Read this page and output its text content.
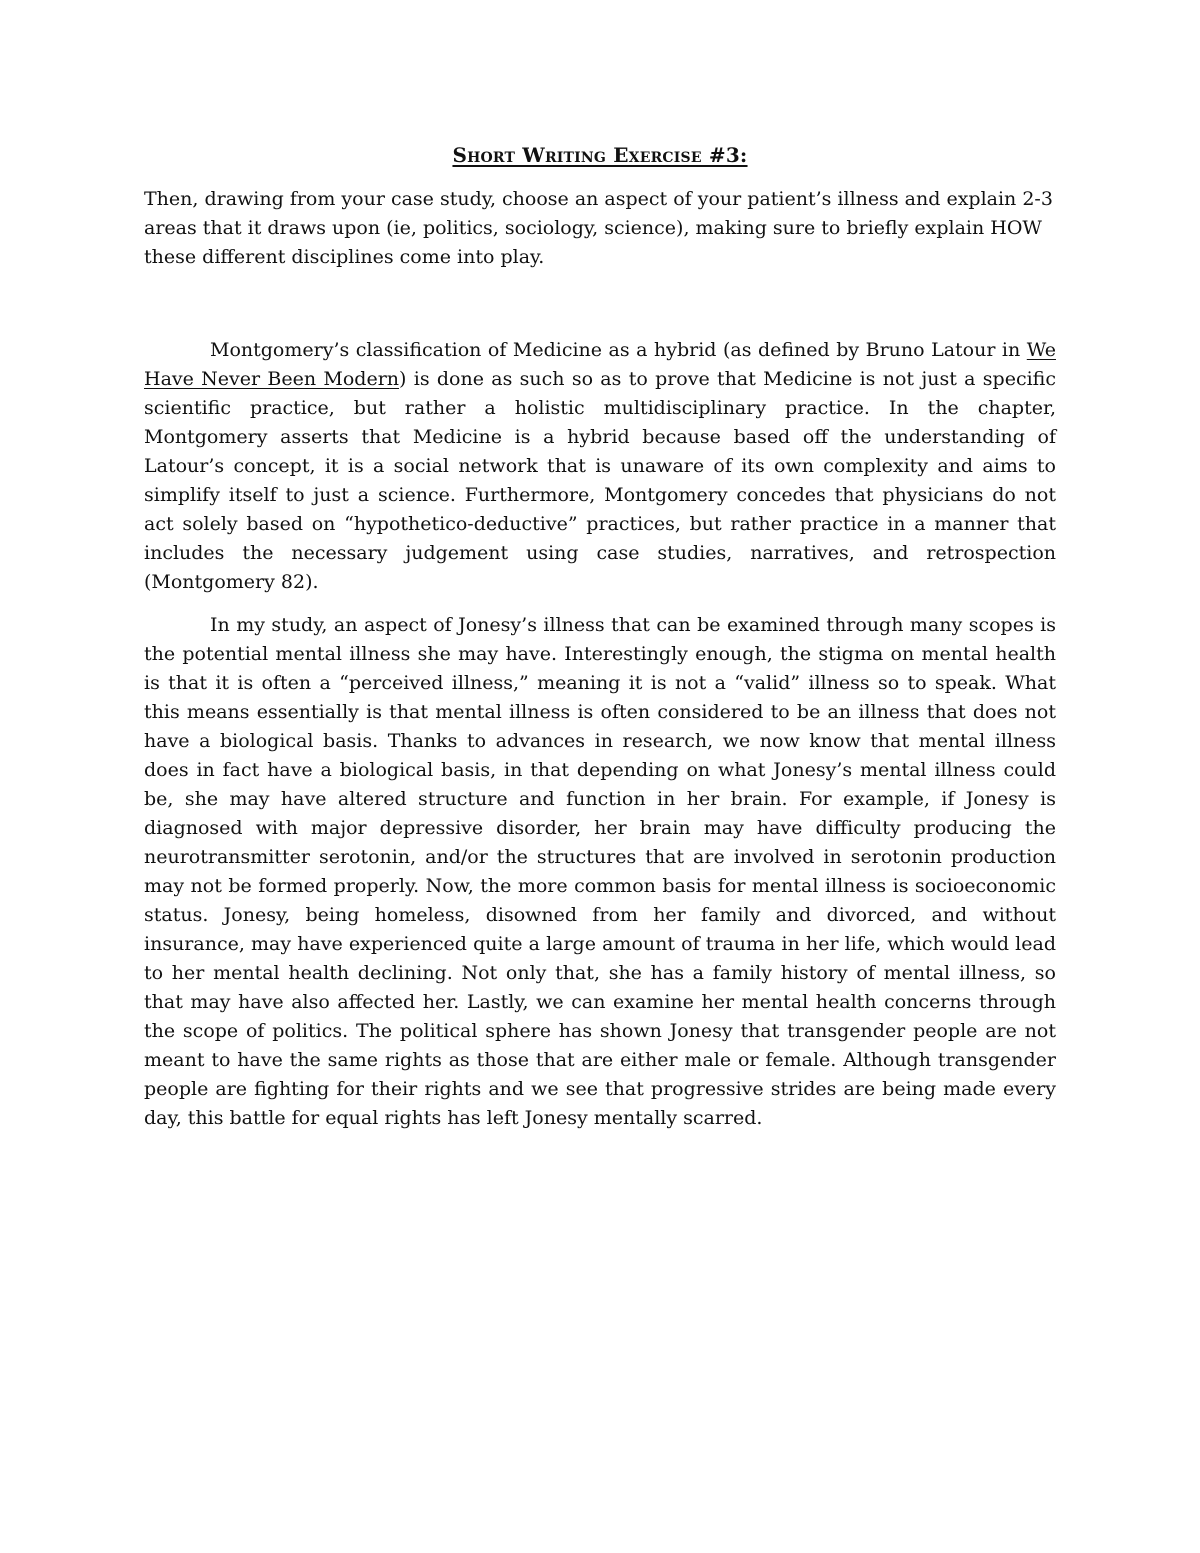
Short Writing Exercise #3:

Then, drawing from your case study, choose an aspect of your patient’s illness and explain 2-3 areas that it draws upon (ie, politics, sociology, science), making sure to briefly explain HOW these different disciplines come into play.

Montgomery’s classification of Medicine as a hybrid (as defined by Bruno Latour in We Have Never Been Modern) is done as such so as to prove that Medicine is not just a specific scientific practice, but rather a holistic multidisciplinary practice. In the chapter, Montgomery asserts that Medicine is a hybrid because based off the understanding of Latour’s concept, it is a social network that is unaware of its own complexity and aims to simplify itself to just a science. Furthermore, Montgomery concedes that physicians do not act solely based on “hypothetico-deductive” practices, but rather practice in a manner that includes the necessary judgement using case studies, narratives, and retrospection (Montgomery 82).

In my study, an aspect of Jonesy’s illness that can be examined through many scopes is the potential mental illness she may have. Interestingly enough, the stigma on mental health is that it is often a “perceived illness,” meaning it is not a “valid” illness so to speak. What this means essentially is that mental illness is often considered to be an illness that does not have a biological basis. Thanks to advances in research, we now know that mental illness does in fact have a biological basis, in that depending on what Jonesy’s mental illness could be, she may have altered structure and function in her brain. For example, if Jonesy is diagnosed with major depressive disorder, her brain may have difficulty producing the neurotransmitter serotonin, and/or the structures that are involved in serotonin production may not be formed properly. Now, the more common basis for mental illness is socioeconomic status. Jonesy, being homeless, disowned from her family and divorced, and without insurance, may have experienced quite a large amount of trauma in her life, which would lead to her mental health declining. Not only that, she has a family history of mental illness, so that may have also affected her. Lastly, we can examine her mental health concerns through the scope of politics. The political sphere has shown Jonesy that transgender people are not meant to have the same rights as those that are either male or female. Although transgender people are fighting for their rights and we see that progressive strides are being made every day, this battle for equal rights has left Jonesy mentally scarred.
